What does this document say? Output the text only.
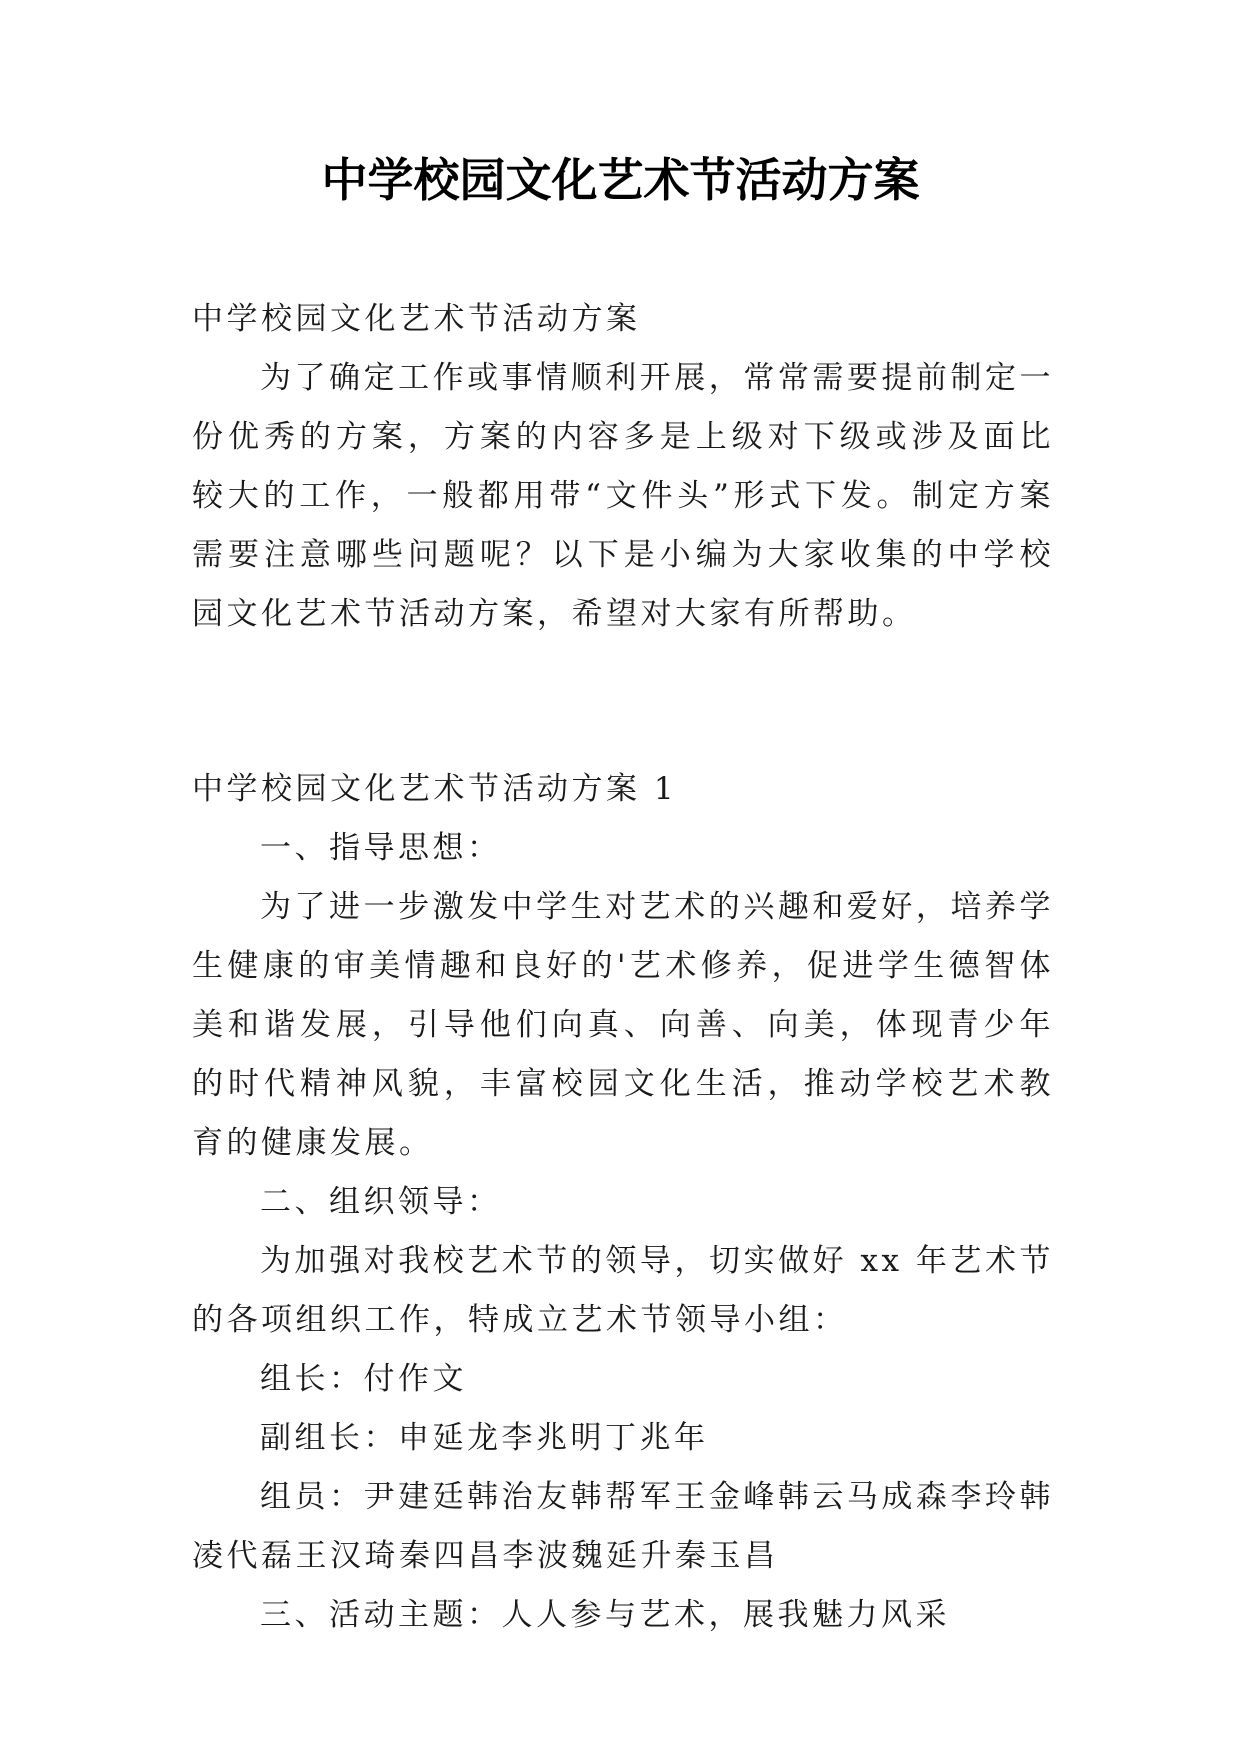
中学校园文化艺术节活动方案

中学校园文化艺术节活动方案

为了确定工作或事情顺利开展，常常需要提前制定一份优秀的方案，方案的内容多是上级对下级或涉及面比较大的工作，一般都用带“文件头”形式下发。制定方案需要注意哪些问题呢？以下是小编为大家收集的中学校园文化艺术节活动方案，希望对大家有所帮助。

中学校园文化艺术节活动方案 1

一、指导思想：

为了进一步激发中学生对艺术的兴趣和爱好，培养学生健康的审美情趣和良好的'艺术修养，促进学生德智体美和谐发展，引导他们向真、向善、向美，体现青少年的时代精神风貌，丰富校园文化生活，推动学校艺术教育的健康发展。

二、组织领导：

为加强对我校艺术节的领导，切实做好 xx 年艺术节的各项组织工作，特成立艺术节领导小组：

组长：付作文

副组长：申延龙李兆明丁兆年

组员：尹建廷韩治友韩帮军王金峰韩云马成森李玲韩凌代磊王汉琦秦四昌李波魏延升秦玉昌

三、活动主题：人人参与艺术，展我魅力风采
